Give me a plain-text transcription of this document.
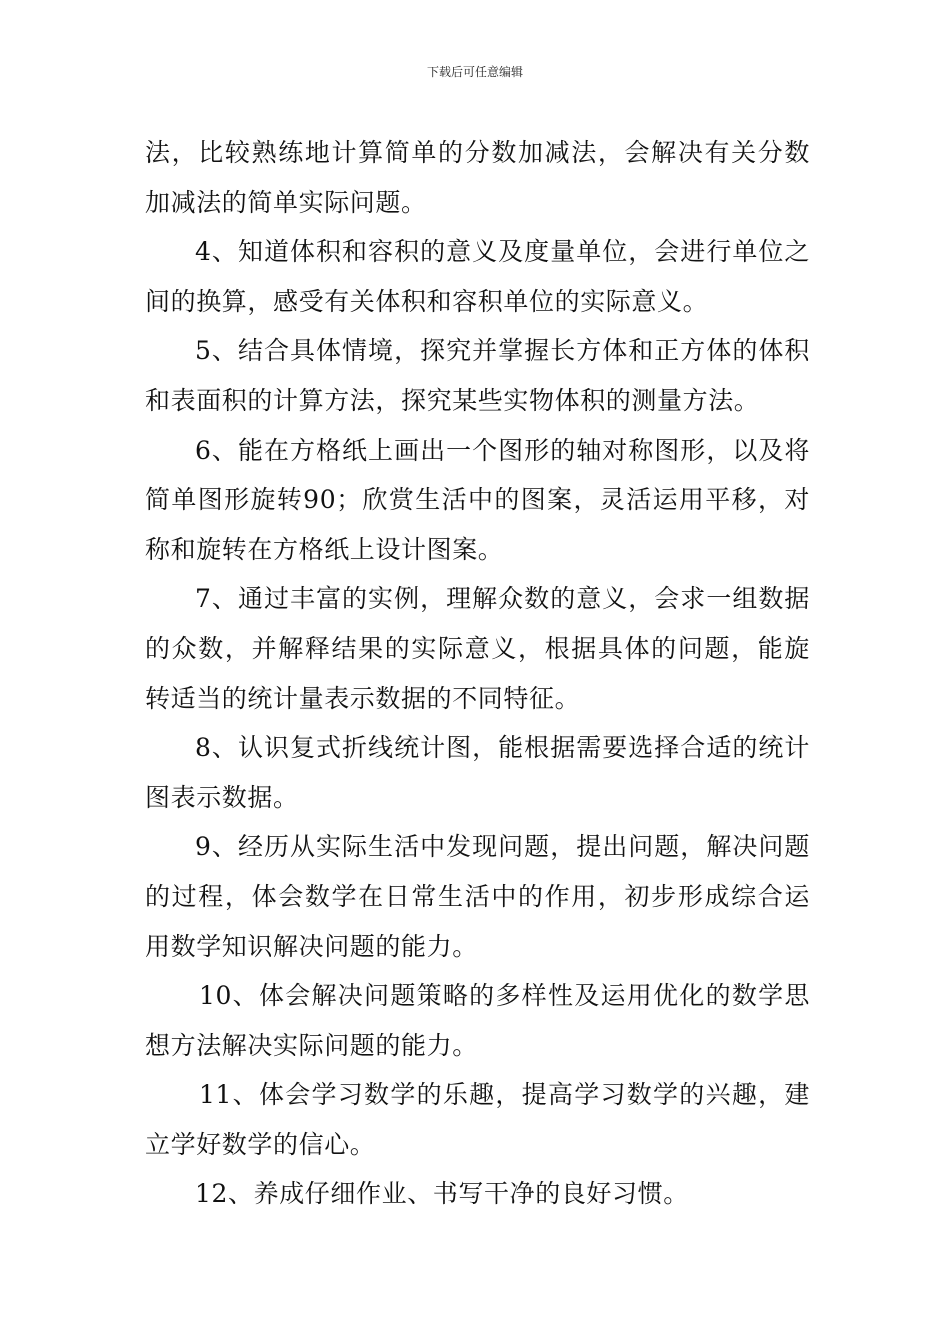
下载后可任意编辑

法，比较熟练地计算简单的分数加减法，会解决有关分数加减法的简单实际问题。

4、知道体积和容积的意义及度量单位，会进行单位之间的换算，感受有关体积和容积单位的实际意义。

5、结合具体情境，探究并掌握长方体和正方体的体积和表面积的计算方法，探究某些实物体积的测量方法。

6、能在方格纸上画出一个图形的轴对称图形，以及将简单图形旋转90；欣赏生活中的图案，灵活运用平移，对称和旋转在方格纸上设计图案。

7、通过丰富的实例，理解众数的意义，会求一组数据的众数，并解释结果的实际意义，根据具体的问题，能旋转适当的统计量表示数据的不同特征。

8、认识复式折线统计图，能根据需要选择合适的统计图表示数据。

9、经历从实际生活中发现问题，提出问题，解决问题的过程，体会数学在日常生活中的作用，初步形成综合运用数学知识解决问题的能力。

10、体会解决问题策略的多样性及运用优化的数学思想方法解决实际问题的能力。

11、体会学习数学的乐趣，提高学习数学的兴趣，建立学好数学的信心。

12、养成仔细作业、书写干净的良好习惯。
